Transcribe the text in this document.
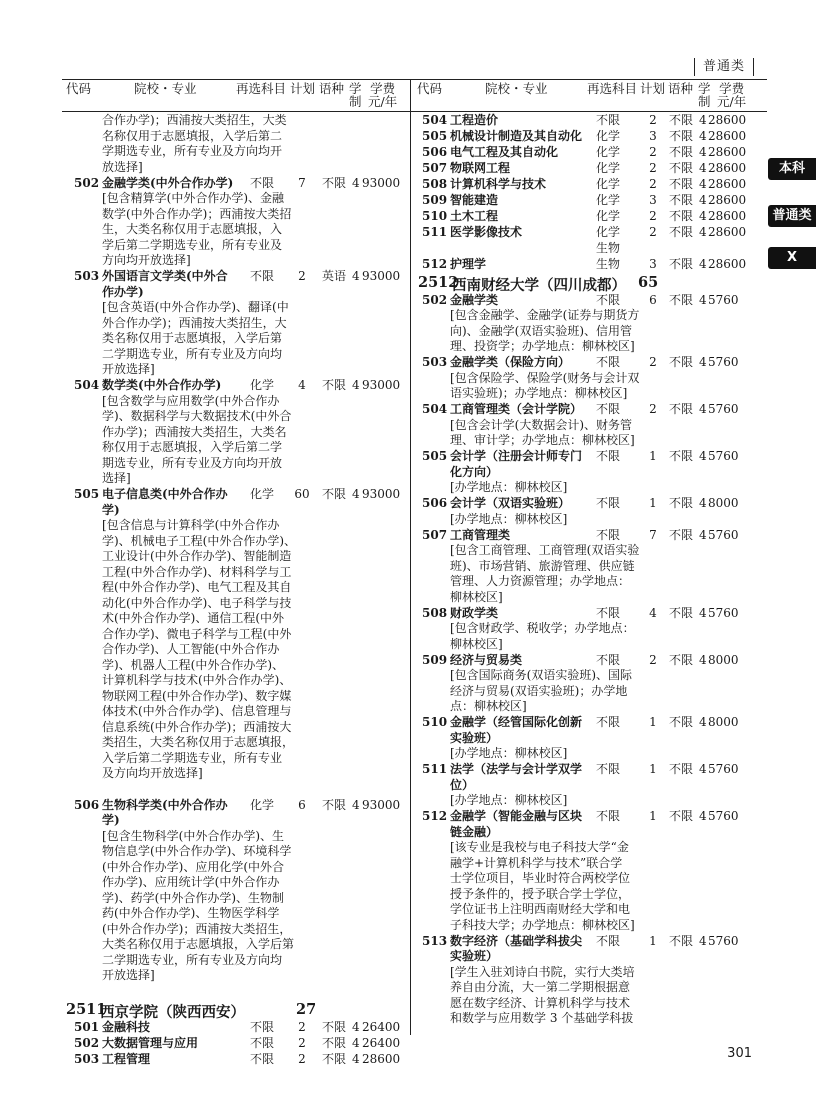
普通类
代码	院校・专业	再选科目 计划 语种 学
制
学费
元/年
代码	院校・专业	再选科目 计划 语种 学
制
学费
元/年
合作办学)；西浦按大类招生，大类
名称仅用于志愿填报，入学后第二
学期选专业，所有专业及方向均开
放选择]
502 金融学类(中外合作办学)
[包含精算学(中外合作办学)、金融
数学(中外合作办学)；西浦按大类招
生，大类名称仅用于志愿填报，入
学后第二学期选专业，所有专业及
方向均开放选择]
不限	7	不限 4 93000
503 外国语言文学类(中外合
作办学)
[包含英语(中外合作办学)、翻译(中
外合作办学)；西浦按大类招生，大
类名称仅用于志愿填报，入学后第
二学期选专业，所有专业及方向均
开放选择]
不限	2	英语 4 93000
504 数学类(中外合作办学)
[包含数学与应用数学(中外合作办
学)、数据科学与大数据技术(中外合
作办学)；西浦按大类招生，大类名
称仅用于志愿填报，入学后第二学
期选专业，所有专业及方向均开放
选择]
化学	4	不限 4 93000
505 电子信息类(中外合作办
学)
[包含信息与计算科学(中外合作办
学)、机械电子工程(中外合作办学)、
工业设计(中外合作办学)、智能制造
工程(中外合作办学)、材料科学与工
程(中外合作办学)、电气工程及其自
动化(中外合作办学)、电子科学与技
术(中外合作办学)、通信工程(中外
合作办学)、微电子科学与工程(中外
合作办学)、人工智能(中外合作办
学)、机器人工程(中外合作办学)、
计算机科学与技术(中外合作办学)、
物联网工程(中外合作办学)、数字媒
体技术(中外合作办学)、信息管理与
信息系统(中外合作办学)；西浦按大
类招生，大类名称仅用于志愿填报，
入学后第二学期选专业，所有专业
及方向均开放选择]
化学 60 不限 4 93000
506 生物科学类(中外合作办
学)
[包含生物科学(中外合作办学)、生
物信息学(中外合作办学)、环境科学
(中外合作办学)、应用化学(中外合
作办学)、应用统计学(中外合作办
学)、药学(中外合作办学)、生物制
药(中外合作办学)、生物医学科学
(中外合作办学)；西浦按大类招生，
大类名称仅用于志愿填报，入学后第
二学期选专业，所有专业及方向均
开放选择]
化学	6	不限 4 93000
2511
西京学院（陕西西安）	27
501 金融科技	不限	2	不限 4 26400
502 大数据管理与应用	不限	2	不限 4 26400
503 工程管理	不限	2	不限 4 28600
504 工程造价	不限	2	不限 4 28600
505 机械设计制造及其自动化	化学	3	不限 4 28600
506 电气工程及其自动化	化学	2	不限 4 28600
507 物联网工程	化学	2	不限 4 28600
508 计算机科学与技术	化学	2	不限 4 28600
509 智能建造	化学	3	不限 4 28600
510 土木工程	化学	2	不限 4 28600
511 医学影像技术	化学
生物
2	不限 4 28600
512 护理学	生物	3	不限 4 28600
2512
西南财经大学（四川成都） 65
502 金融学类
[包含金融学、金融学(证券与期货方
向)、金融学(双语实验班)、信用管
理、投资学；办学地点：柳林校区]
不限	6	不限 4 5760
503 金融学类（保险方向）
[包含保险学、保险学(财务与会计双
语实验班)；办学地点：柳林校区]
不限	2	不限 4 5760
504 工商管理类（会计学院）
[包含会计学(大数据会计)、财务管
理、审计学；办学地点：柳林校区]
不限	2	不限 4 5760
505 会计学（注册会计师专门
化方向）
[办学地点：柳林校区]
不限	1	不限 4 5760
506 会计学（双语实验班）
[办学地点：柳林校区]
不限	1	不限 4 8000
507 工商管理类
[包含工商管理、工商管理(双语实验
班)、市场营销、旅游管理、供应链
管理、人力资源管理；办学地点：
柳林校区]
不限	7	不限 4 5760
508 财政学类
[包含财政学、税收学；办学地点：
柳林校区]
不限	4	不限 4 5760
509 经济与贸易类
[包含国际商务(双语实验班)、国际
经济与贸易(双语实验班)；办学地
点：柳林校区]
不限	2	不限 4 8000
510 金融学（经管国际化创新
实验班）
[办学地点：柳林校区]
不限	1	不限 4 8000
511 法学（法学与会计学双学
位）
[办学地点：柳林校区]
不限	1	不限 4 5760
512 金融学（智能金融与区块
链金融）
[该专业是我校与电子科技大学“金
融学+计算机科学与技术”联合学
士学位项目，毕业时符合两校学位
授予条件的，授予联合学士学位，
学位证书上注明西南财经大学和电
子科技大学；办学地点：柳林校区]
不限	1	不限 4 5760
513 数字经济（基础学科拔尖
实验班）
[学生入驻刘诗白书院，实行大类培
养自由分流，大一第二学期根据意
愿在数字经济、计算机科学与技术
和数学与应用数学 3 个基础学科拔
不限	1	不限 4 5760
本科
普通类
X
301
